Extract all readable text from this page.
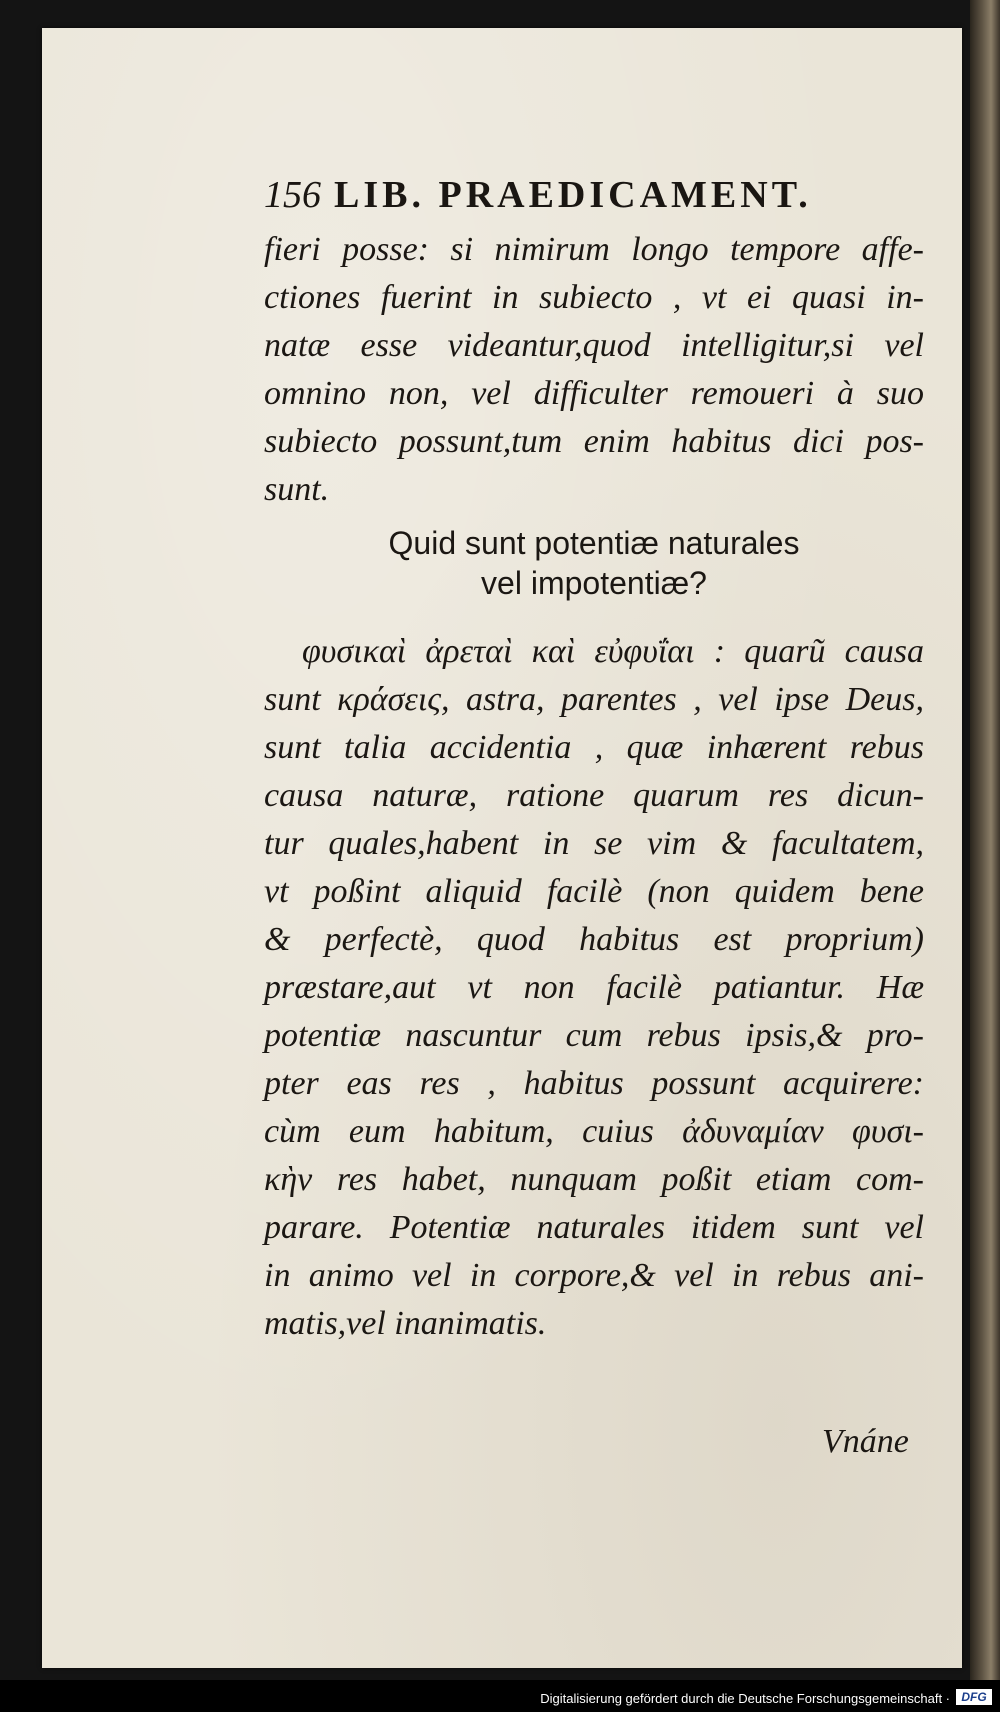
156 LIB. PRAEDICAMENT.
fieri posse: si nimirum longo tempore affe-
ctiones fuerint in subiecto , vt ei quasi in-
natæ esse videantur,quod intelligitur,si vel
omnino non, vel difficulter remoueri à suo
subiecto possunt,tum enim habitus dici pos-
sunt.
Quid sunt potentiæ naturales
vel impotentiæ?
φυσικαὶ ἀρεταὶ καὶ εὐφυΐαι : quarũ causa
sunt κράσεις, astra, parentes , vel ipse Deus,
sunt talia accidentia , quæ inhærent rebus
causa naturæ, ratione quarum res dicun-
tur quales,habent in se vim & facultatem,
vt poßint aliquid facilè (non quidem bene
& perfectè, quod habitus est proprium)
præstare,aut vt non facilè patiantur. Hæ
potentiæ nascuntur cum rebus ipsis,& pro-
pter eas res , habitus possunt acquirere:
cùm eum habitum, cuius ἀδυναμίαν φυσι-
κὴν res habet, nunquam poßit etiam com-
parare. Potentiæ naturales itidem sunt vel
in animo vel in corpore,& vel in rebus ani-
matis,vel inanimatis.
Vnáne
Digitalisierung gefördert durch die Deutsche Forschungsgemeinschaft · DFG
